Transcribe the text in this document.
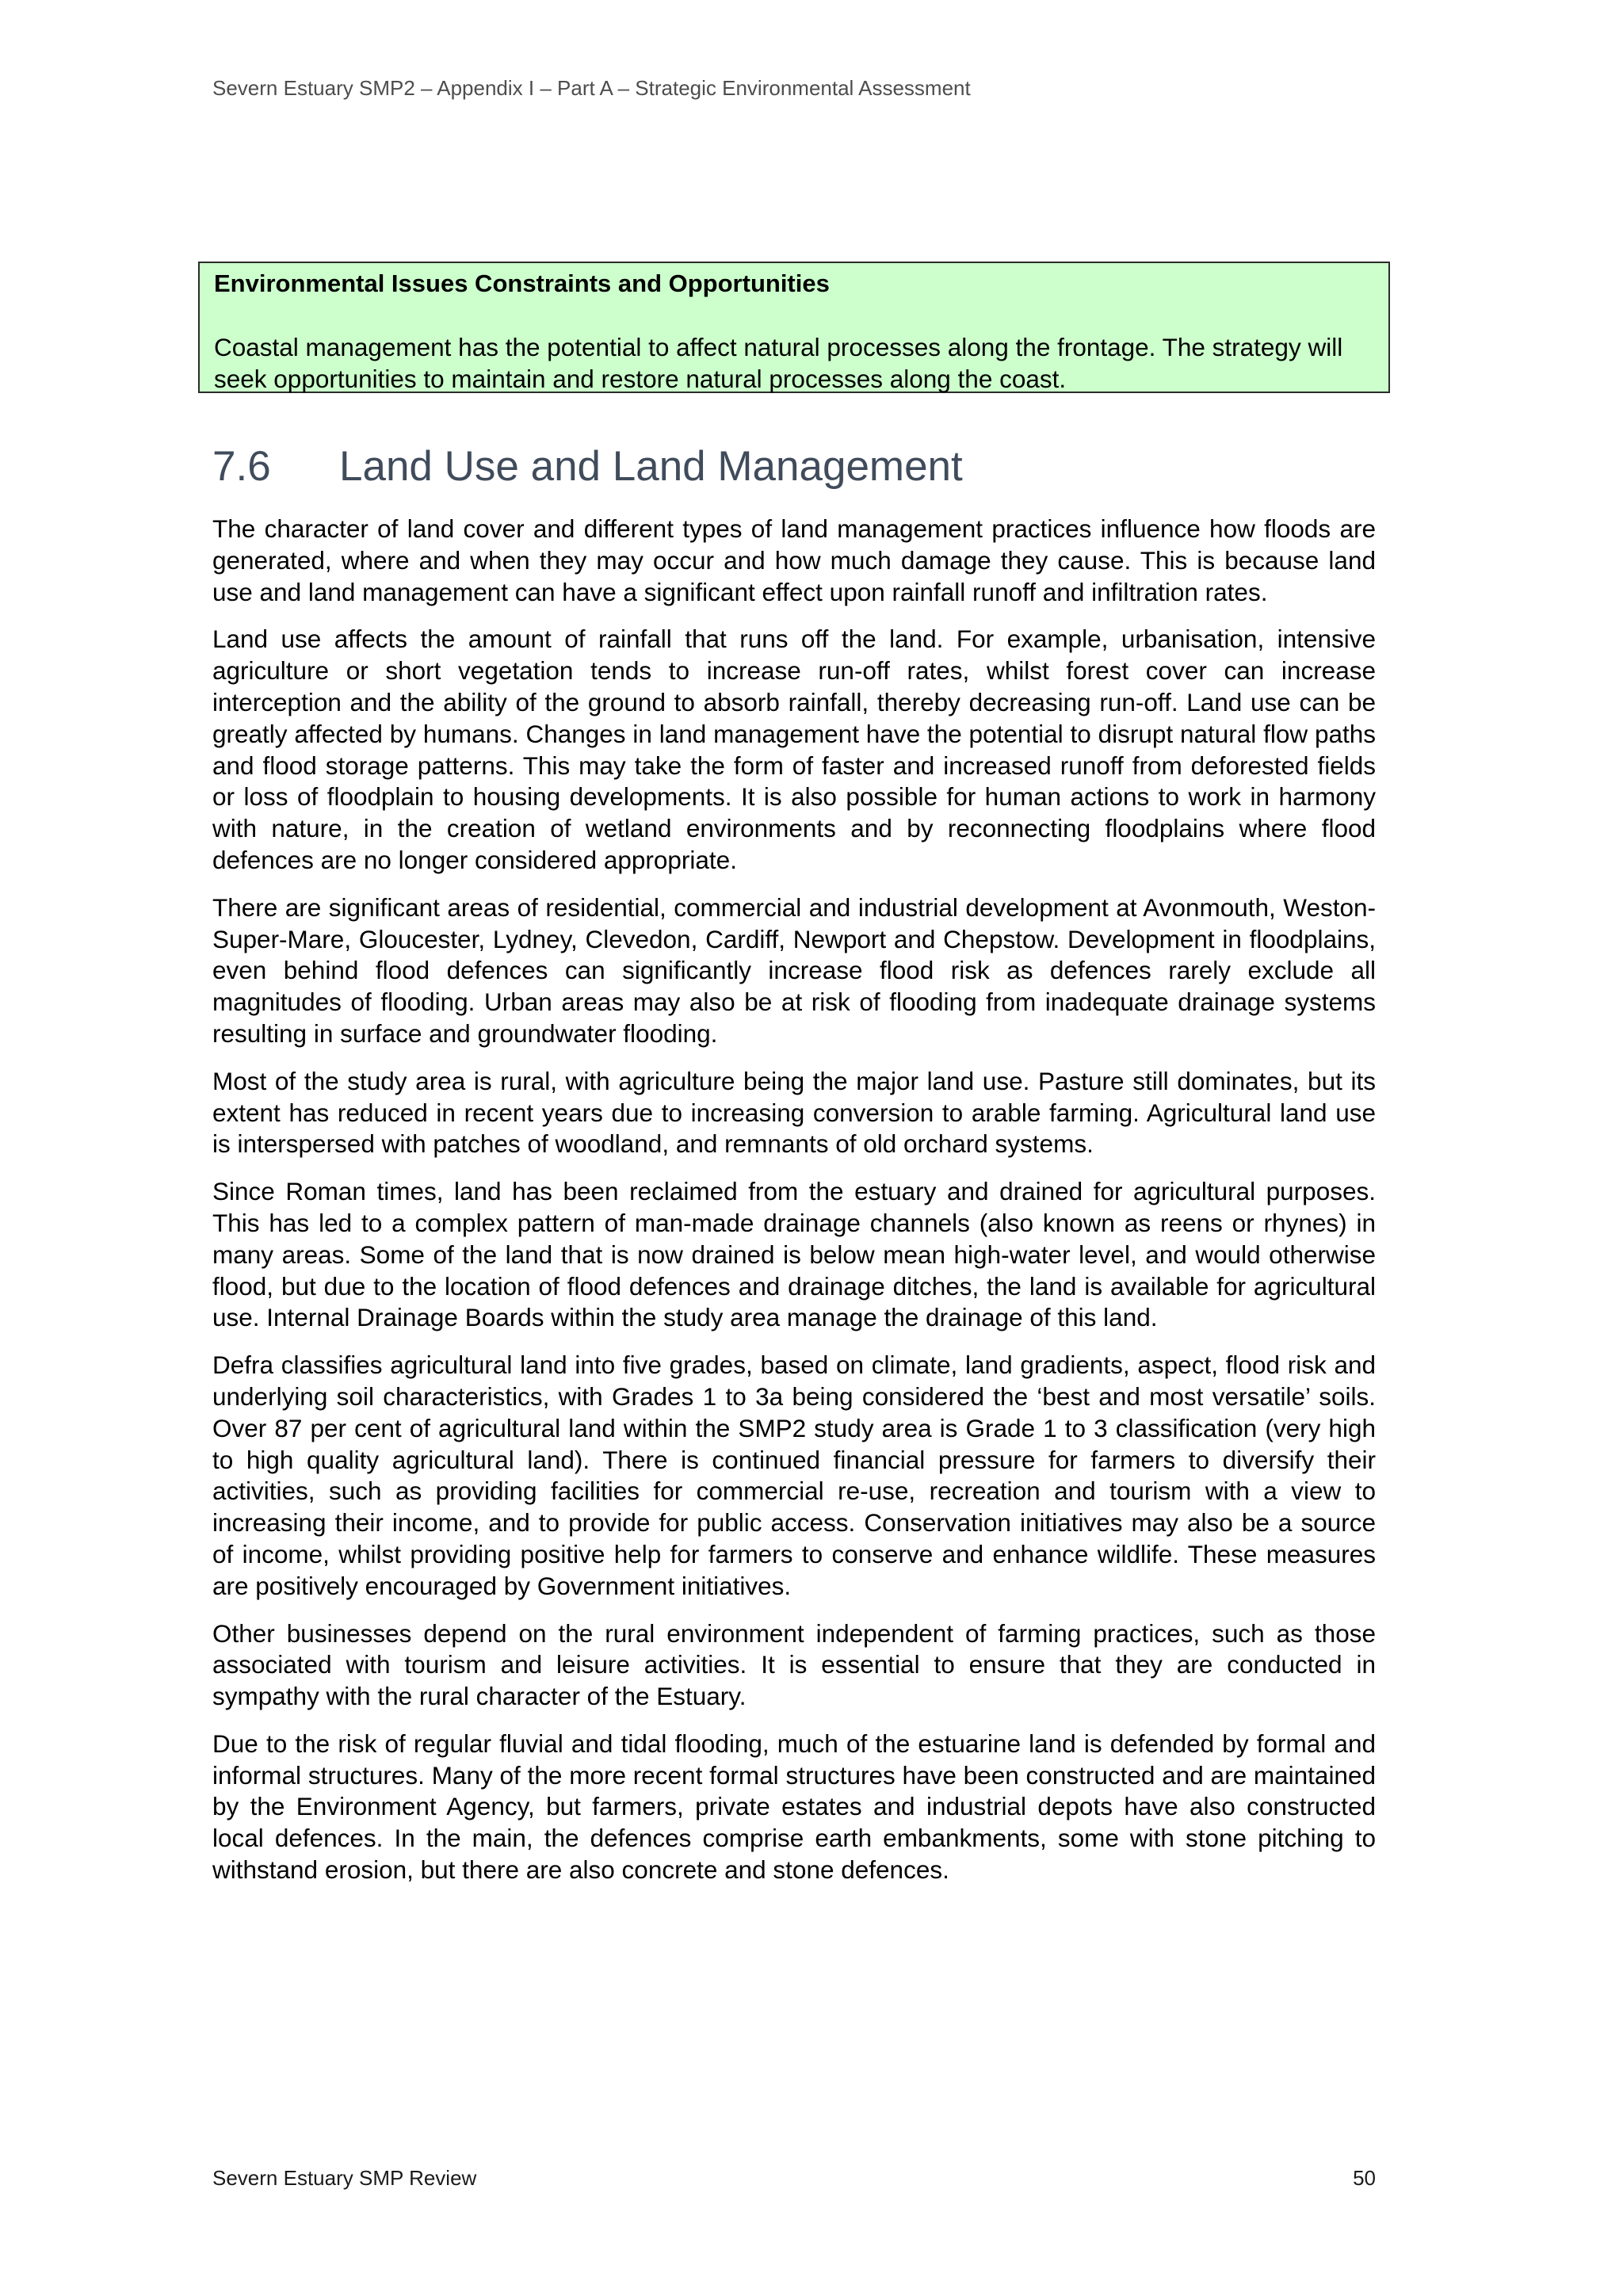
Severn Estuary SMP2 – Appendix I – Part A – Strategic Environmental Assessment

Environmental Issues Constraints and Opportunities

Coastal management has the potential to affect natural processes along the frontage. The strategy will seek opportunities to maintain and restore natural processes along the coast.

7.6 Land Use and Land Management

The character of land cover and different types of land management practices influence how floods are generated, where and when they may occur and how much damage they cause. This is because land use and land management can have a significant effect upon rainfall runoff and infiltration rates.

Land use affects the amount of rainfall that runs off the land. For example, urbanisation, intensive agriculture or short vegetation tends to increase run-off rates, whilst forest cover can increase interception and the ability of the ground to absorb rainfall, thereby decreasing run-off. Land use can be greatly affected by humans. Changes in land management have the potential to disrupt natural flow paths and flood storage patterns. This may take the form of faster and increased runoff from deforested fields or loss of floodplain to housing developments. It is also possible for human actions to work in harmony with nature, in the creation of wetland environments and by reconnecting floodplains where flood defences are no longer considered appropriate.

There are significant areas of residential, commercial and industrial development at Avonmouth, Weston-Super-Mare, Gloucester, Lydney, Clevedon, Cardiff, Newport and Chepstow. Development in floodplains, even behind flood defences can significantly increase flood risk as defences rarely exclude all magnitudes of flooding. Urban areas may also be at risk of flooding from inadequate drainage systems resulting in surface and groundwater flooding.

Most of the study area is rural, with agriculture being the major land use. Pasture still dominates, but its extent has reduced in recent years due to increasing conversion to arable farming. Agricultural land use is interspersed with patches of woodland, and remnants of old orchard systems.

Since Roman times, land has been reclaimed from the estuary and drained for agricultural purposes. This has led to a complex pattern of man-made drainage channels (also known as reens or rhynes) in many areas. Some of the land that is now drained is below mean high-water level, and would otherwise flood, but due to the location of flood defences and drainage ditches, the land is available for agricultural use. Internal Drainage Boards within the study area manage the drainage of this land.

Defra classifies agricultural land into five grades, based on climate, land gradients, aspect, flood risk and underlying soil characteristics, with Grades 1 to 3a being considered the ‘best and most versatile’ soils. Over 87 per cent of agricultural land within the SMP2 study area is Grade 1 to 3 classification (very high to high quality agricultural land). There is continued financial pressure for farmers to diversify their activities, such as providing facilities for commercial re-use, recreation and tourism with a view to increasing their income, and to provide for public access. Conservation initiatives may also be a source of income, whilst providing positive help for farmers to conserve and enhance wildlife. These measures are positively encouraged by Government initiatives.

Other businesses depend on the rural environment independent of farming practices, such as those associated with tourism and leisure activities. It is essential to ensure that they are conducted in sympathy with the rural character of the Estuary.

Due to the risk of regular fluvial and tidal flooding, much of the estuarine land is defended by formal and informal structures. Many of the more recent formal structures have been constructed and are maintained by the Environment Agency, but farmers, private estates and industrial depots have also constructed local defences. In the main, the defences comprise earth embankments, some with stone pitching to withstand erosion, but there are also concrete and stone defences.

Severn Estuary SMP Review	50
